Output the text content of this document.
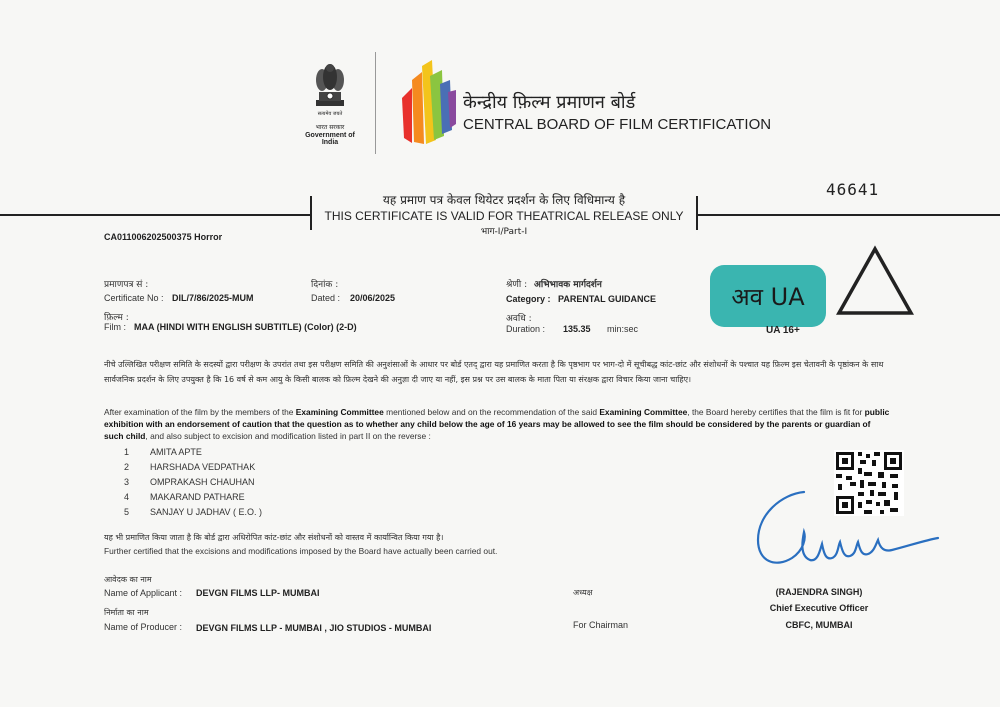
सत्यमेव जयते
भारत सरकार
Government of India
केन्द्रीय फ़िल्म प्रमाणन बोर्ड
CENTRAL BOARD OF FILM CERTIFICATION
46641
यह प्रमाण पत्र केवल थियेटर प्रदर्शन के लिए विधिमान्य है
THIS CERTIFICATE IS VALID FOR THEATRICAL RELEASE ONLY
भाग-I/Part-I
CA011006202500375 Horror
प्रमाणपत्र सं :
Certificate No : DIL/7/86/2025-MUM
दिनांक :
Dated : 20/06/2025
फ़िल्म :
Film : MAA (HINDI WITH ENGLISH SUBTITLE) (Color) (2-D)
श्रेणी : अभिभावक मार्गदर्शन
Category : PARENTAL GUIDANCE
अवधि :
Duration : 135.35 min:sec
अव UA
UA 16+
नीचे उल्लिखित परीक्षण समिति के सदस्यों द्वारा परीक्षण के उपरांत तथा इस परीक्षण समिति की अनुशंसाओं के आधार पर बोर्ड एतद् द्वारा यह प्रमाणित करता है कि पृष्ठभाग पर भाग-दो में सूचीबद्ध कांट-छांट और संशोधनों के पश्चात यह फ़िल्म इस चेतावनी के पृष्ठांकन के साथ सार्वजनिक प्रदर्शन के लिए उपयुक्त है कि 16 वर्ष से कम आयु के किसी बालक को फ़िल्म देखने की अनुज्ञा दी जाए या नहीं, इस प्रश्न पर उस बालक के माता पिता या संरक्षक द्वारा विचार किया जाना चाहिए।
After examination of the film by the members of the Examining Committee mentioned below and on the recommendation of the said Examining Committee, the Board hereby certifies that the film is fit for public exhibition with an endorsement of caution that the question as to whether any child below the age of 16 years may be allowed to see the film should be considered by the parents or guardian of such child, and also subject to excision and modification listed in part II on the reverse :
1 AMITA APTE
2 HARSHADA VEDPATHAK
3 OMPRAKASH CHAUHAN
4 MAKARAND PATHARE
5 SANJAY U JADHAV ( E.O. )
यह भी प्रमाणित किया जाता है कि बोर्ड द्वारा अधिरोपित कांट-छांट और संशोधनों को वास्तव में कार्यान्वित किया गया है।
Further certified that the excisions and modifications imposed by the Board have actually been carried out.
आवेदक का नाम
Name of Applicant : DEVGN FILMS LLP- MUMBAI
निर्माता का नाम
Name of Producer : DEVGN FILMS LLP - MUMBAI , JIO STUDIOS - MUMBAI
अध्यक्ष
For Chairman
(RAJENDRA SINGH)
Chief Executive Officer
CBFC, MUMBAI
